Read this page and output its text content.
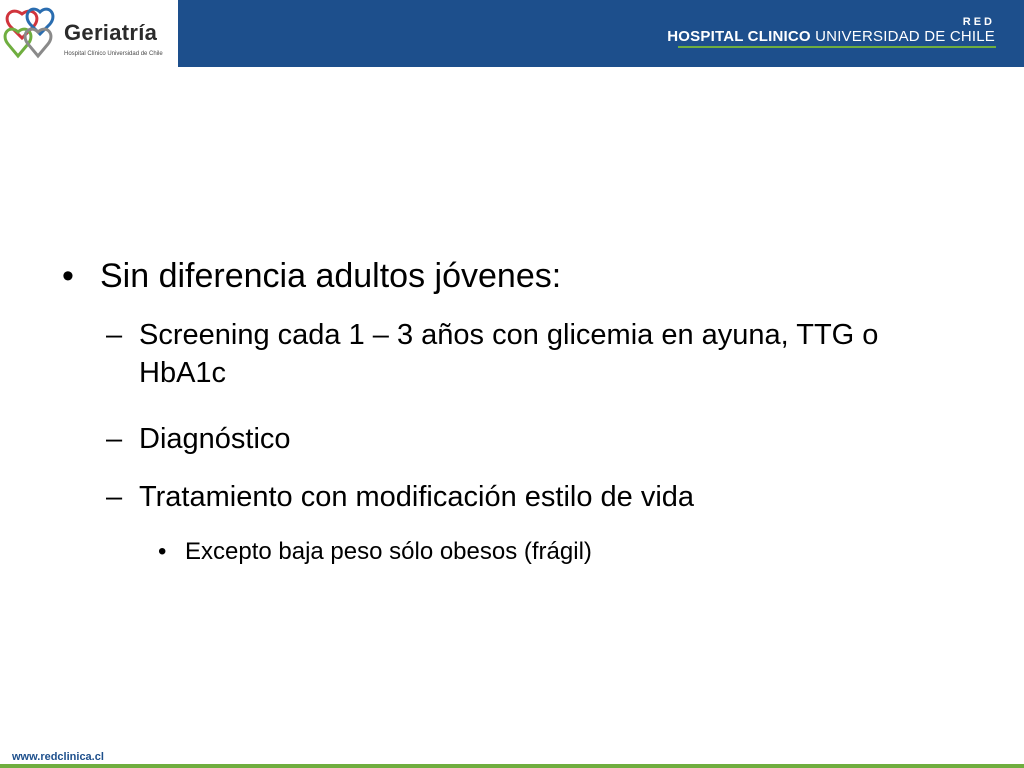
Geriatría
Hospital Clínico Universidad de Chile
RED
HOSPITAL CLINICO UNIVERSIDAD DE CHILE
• Sin diferencia adultos jóvenes:
– Screening cada 1 – 3 años con glicemia en ayuna, TTG o HbA1c
– Diagnóstico
– Tratamiento con modificación estilo de vida
• Excepto baja peso sólo obesos (frágil)
www.redclinica.cl
